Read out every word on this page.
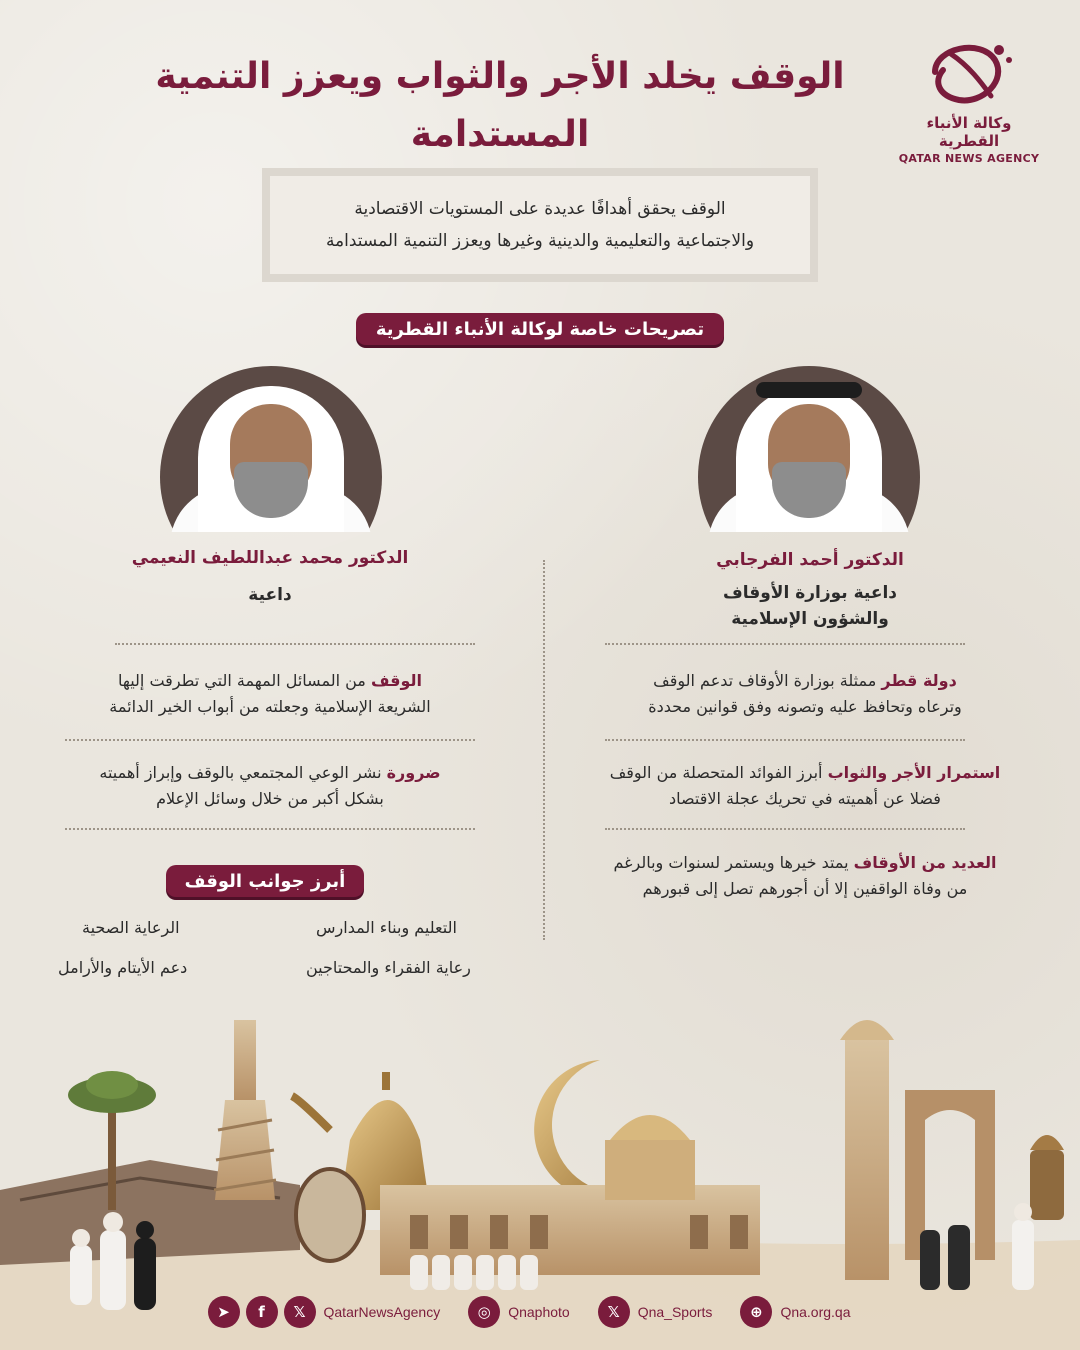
وكالة الأنباء القطرية
QATAR NEWS AGENCY
الوقف يخلد الأجر والثواب ويعزز التنمية المستدامة
الوقف يحقق أهدافًا عديدة على المستويات الاقتصادية
والاجتماعية والتعليمية والدينية وغيرها ويعزز التنمية المستدامة
تصريحات خاصة لوكالة الأنباء القطرية
الدكتور محمد عبداللطيف النعيمي
داعية
الدكتور أحمد الفرجابي
داعية بوزارة الأوقاف
والشؤون الإسلامية
الوقف من المسائل المهمة التي تطرقت إليها
الشريعة الإسلامية وجعلته من أبواب الخير الدائمة
ضرورة نشر الوعي المجتمعي بالوقف وإبراز أهميته
بشكل أكبر من خلال وسائل الإعلام
دولة قطر ممثلة بوزارة الأوقاف تدعم الوقف
وترعاه وتحافظ عليه وتصونه وفق قوانين محددة
استمرار الأجر والثواب أبرز الفوائد المتحصلة من الوقف
فضلا عن أهميته في تحريك عجلة الاقتصاد
العديد من الأوقاف يمتد خيرها ويستمر لسنوات وبالرغم
من وفاة الواقفين إلا أن أجورهم تصل إلى قبورهم
أبرز جوانب الوقف
التعليم وبناء المدارس
الرعاية الصحية
رعاية الفقراء والمحتاجين
دعم الأيتام والأرامل
➤	f	𝕏	QatarNewsAgency	◎	Qnaphoto	𝕏	Qna_Sports	⊕	Qna.org.qa
